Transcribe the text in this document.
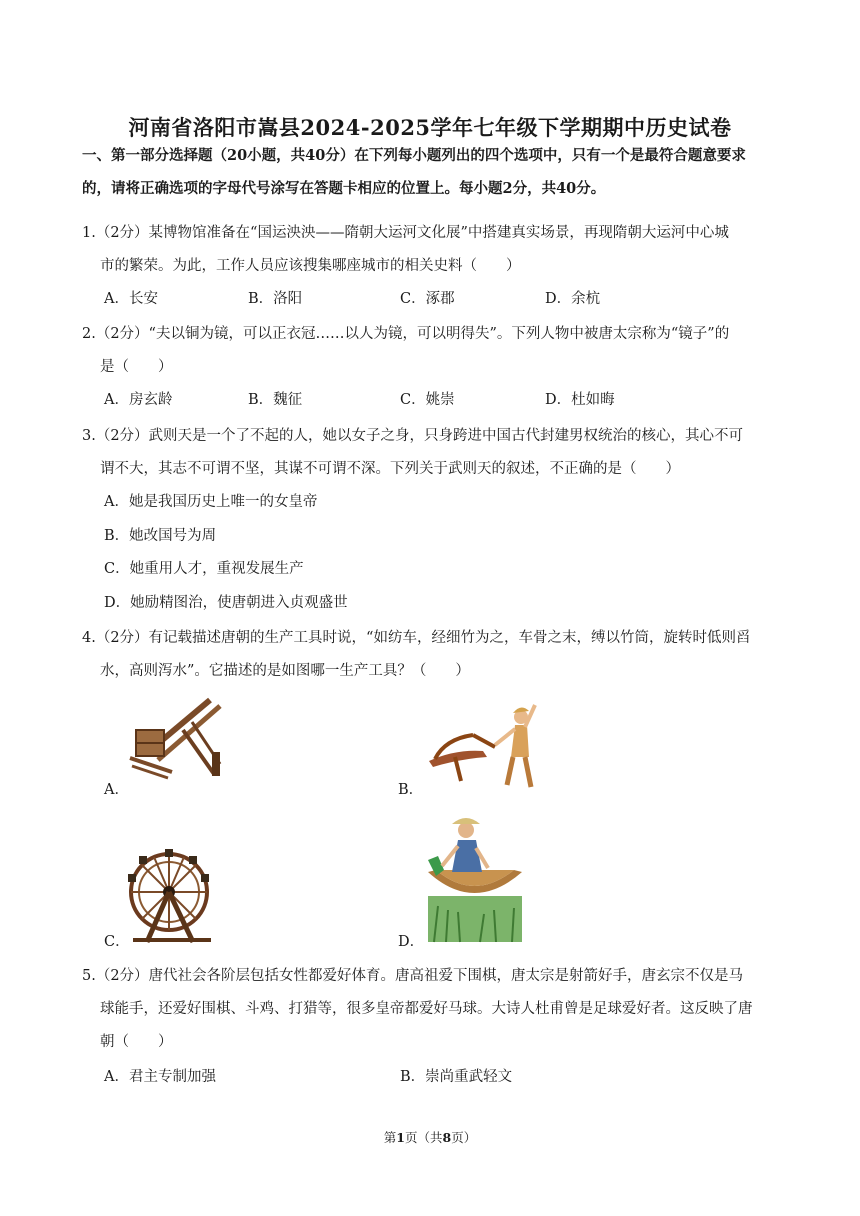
河南省洛阳市嵩县2024-2025学年七年级下学期期中历史试卷
一、第一部分选择题（20小题，共40分）在下列每小题列出的四个选项中，只有一个是最符合题意要求
的，请将正确选项的字母代号涂写在答题卡相应的位置上。每小题2分，共40分。
1.（2分）某博物馆准备在“国运泱泱——隋朝大运河文化展”中搭建真实场景，再现隋朝大运河中心城
市的繁荣。为此，工作人员应该搜集哪座城市的相关史料（　　）
A．长安	B．洛阳	C．涿郡	D．余杭
2.（2分）“夫以铜为镜，可以正衣冠……以人为镜，可以明得失”。下列人物中被唐太宗称为“镜子”的
是（　　）
A．房玄龄	B．魏征	C．姚崇	D．杜如晦
3.（2分）武则天是一个了不起的人，她以女子之身，只身跨进中国古代封建男权统治的核心，其心不可
谓不大，其志不可谓不坚，其谋不可谓不深。下列关于武则天的叙述，不正确的是（　　）
A．她是我国历史上唯一的女皇帝
B．她改国号为周
C．她重用人才，重视发展生产
D．她励精图治，使唐朝进入贞观盛世
4.（2分）有记载描述唐朝的生产工具时说，“如纺车，经细竹为之，车骨之末，缚以竹筒，旋转时低则舀
水，高则泻水”。它描述的是如图哪一生产工具？（　　）
A．	B．
C．	D．
5.（2分）唐代社会各阶层包括女性都爱好体育。唐高祖爱下围棋，唐太宗是射箭好手，唐玄宗不仅是马
球能手，还爱好围棋、斗鸡、打猎等，很多皇帝都爱好马球。大诗人杜甫曾是足球爱好者。这反映了唐
朝（　　）
A．君主专制加强	B．崇尚重武轻文
第1页（共8页）
